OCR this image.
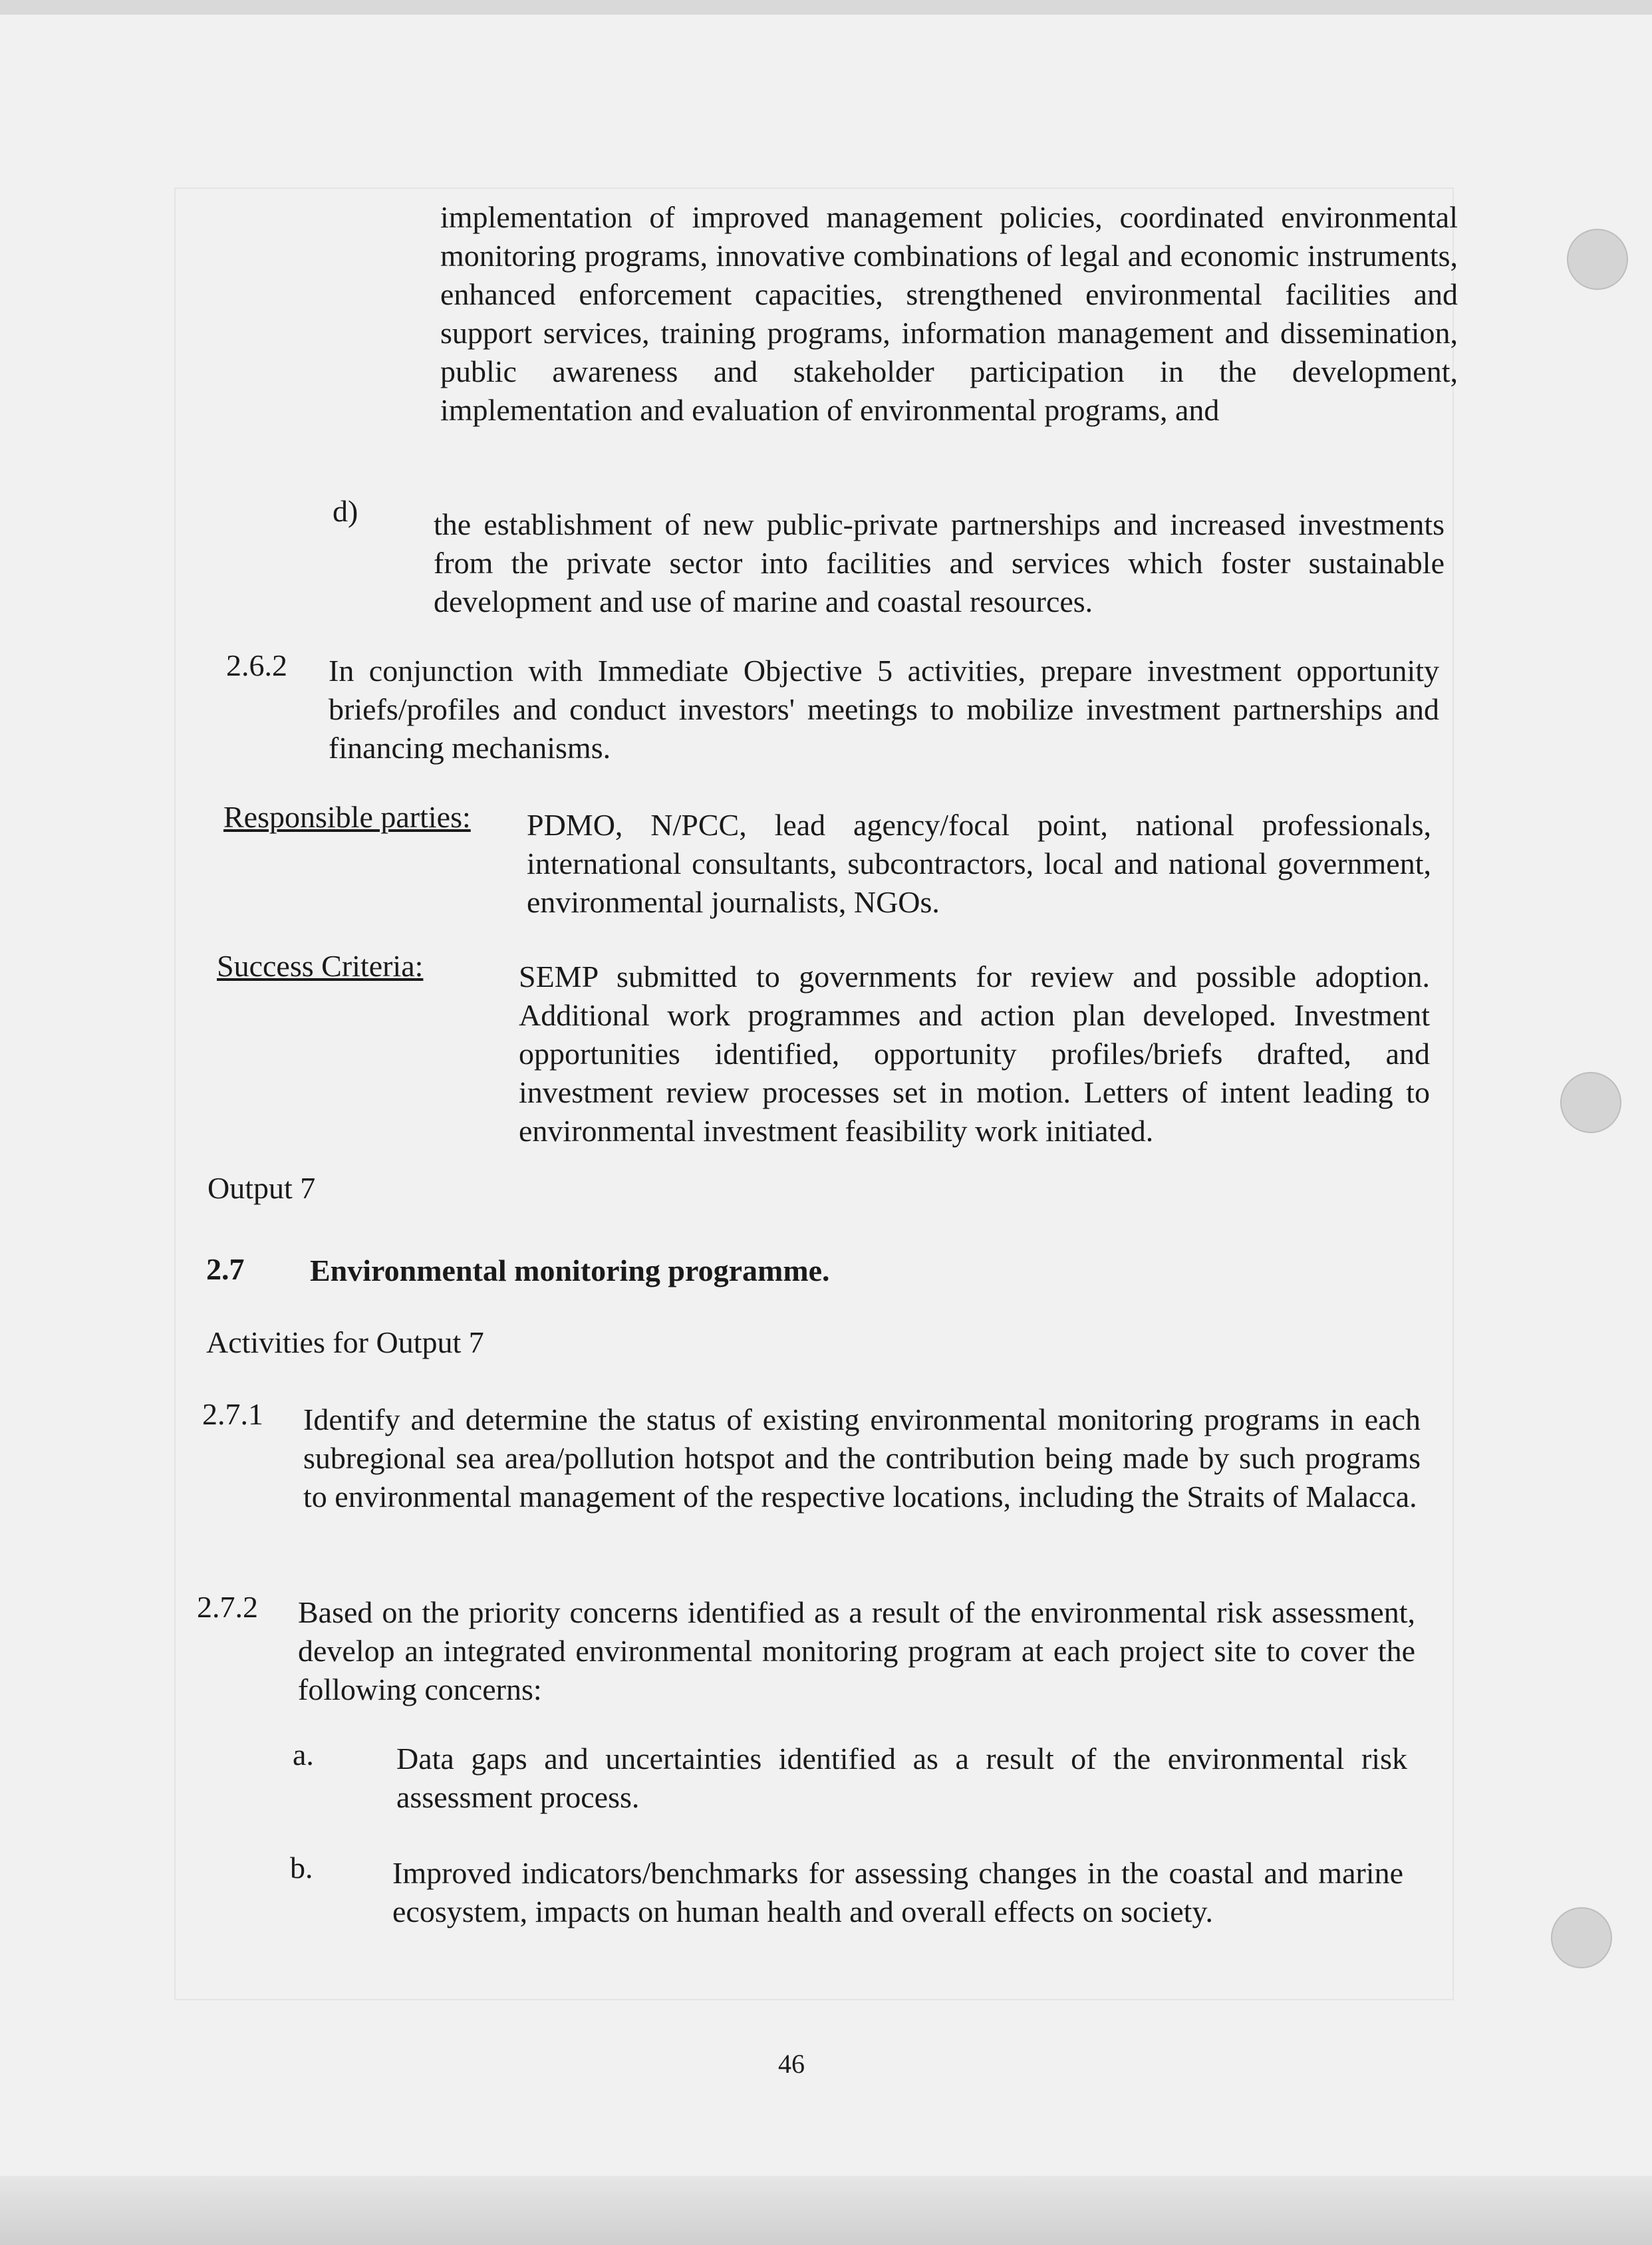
implementation of improved management policies, coordinated environmental monitoring programs, innovative combinations of legal and economic instruments, enhanced enforcement capacities, strengthened environmental facilities and support services, training programs, information management and dissemination, public awareness and stakeholder participation in the development, implementation and evaluation of environmental programs, and
d) the establishment of new public-private partnerships and increased investments from the private sector into facilities and services which foster sustainable development and use of marine and coastal resources.
2.6.2 In conjunction with Immediate Objective 5 activities, prepare investment opportunity briefs/profiles and conduct investors' meetings to mobilize investment partnerships and financing mechanisms.
Responsible parties: PDMO, N/PCC, lead agency/focal point, national professionals, international consultants, subcontractors, local and national government, environmental journalists, NGOs.
Success Criteria:	SEMP submitted to governments for review and possible adoption. Additional work programmes and action plan developed. Investment opportunities identified, opportunity profiles/briefs drafted, and investment review processes set in motion. Letters of intent leading to environmental investment feasibility work initiated.
Output 7
2.7 Environmental monitoring programme.
Activities for Output 7
2.7.1 Identify and determine the status of existing environmental monitoring programs in each subregional sea area/pollution hotspot and the contribution being made by such programs to environmental management of the respective locations, including the Straits of Malacca.
2.7.2 Based on the priority concerns identified as a result of the environmental risk assessment, develop an integrated environmental monitoring program at each project site to cover the following concerns:
a.	Data gaps and uncertainties identified as a result of the environmental risk assessment process.
b.	Improved indicators/benchmarks for assessing changes in the coastal and marine ecosystem, impacts on human health and overall effects on society.
46
